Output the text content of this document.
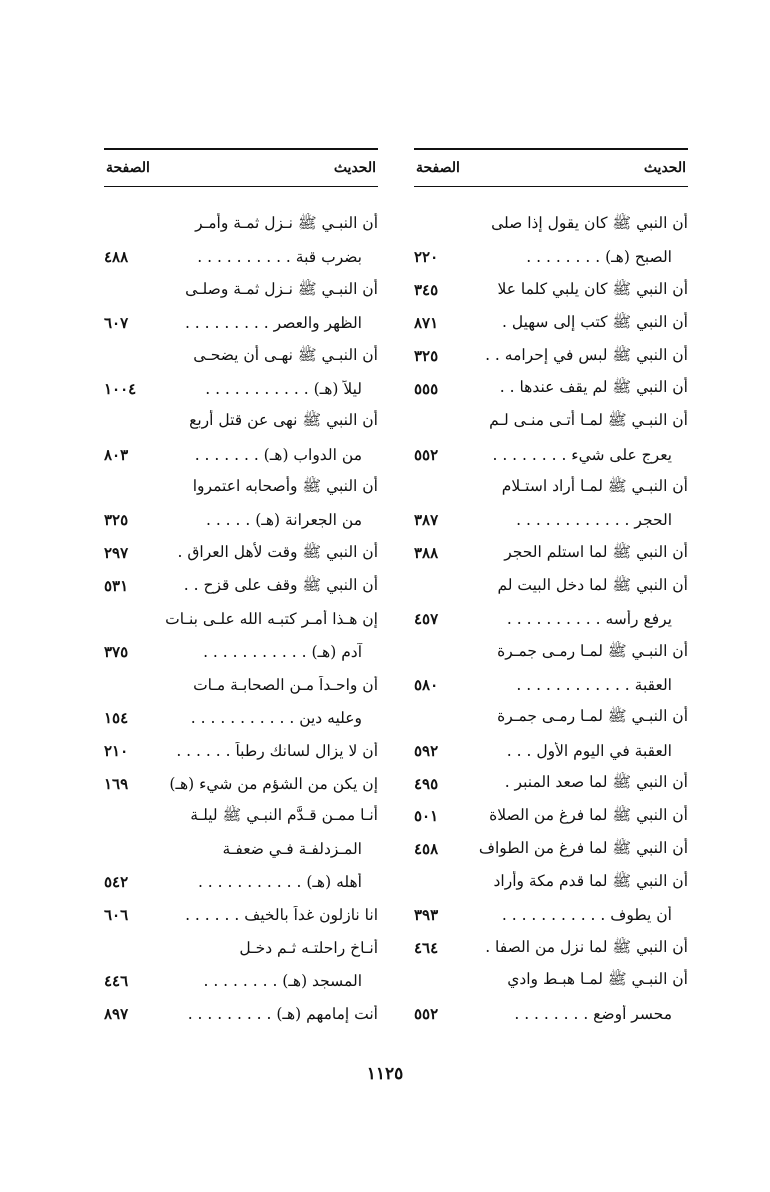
الحديث
الصفحة
أن النبي ﷺ كان يقول إذا صلى
الصبح (هـ) . . . . . . . .
٢٢٠
أن النبي ﷺ كان يلبي كلما علا
٣٤٥
أن النبي ﷺ كتب إلى سهيل .
٨٧١
أن النبي ﷺ لبس في إحرامه . .
٣٢٥
أن النبي ﷺ لم يقف عندها . .
٥٥٥
أن النبـي ﷺ لمـا أتـى منـى لـم
يعرج على شيء . . . . . . . .
٥٥٢
أن النبـي ﷺ لمـا أراد استـلام
الحجر . . . . . . . . . . . .
٣٨٧
أن النبي ﷺ لما استلم الحجر
٣٨٨
أن النبي ﷺ لما دخل البيت لم
يرفع رأسه . . . . . . . . . .
٤٥٧
أن النبـي ﷺ لمـا رمـى جمـرة
العقبة . . . . . . . . . . . .
٥٨٠
أن النبـي ﷺ لمـا رمـى جمـرة
العقبة في اليوم الأول . . .
٥٩٢
أن النبي ﷺ لما صعد المنبر .
٤٩٥
أن النبي ﷺ لما فرغ من الصلاة
٥٠١
أن النبي ﷺ لما فرغ من الطواف
٤٥٨
أن النبي ﷺ لما قدم مكة وأراد
أن يطوف . . . . . . . . . . .
٣٩٣
أن النبي ﷺ لما نزل من الصفا .
٤٦٤
أن النبـي ﷺ لمـا هبـط وادي
محسر أوضع . . . . . . . .
٥٥٢
الحديث
الصفحة
أن النبـي ﷺ نـزل ثمـة وأمـر
بضرب قبة . . . . . . . . . .
٤٨٨
أن النبـي ﷺ نـزل ثمـة وصلـى
الظهر والعصر . . . . . . . . .
٦٠٧
أن النبـي ﷺ نهـى أن يضحـى
ليلاً (هـ) . . . . . . . . . . .
١٠٠٤
أن النبي ﷺ نهى عن قتل أربع
من الدواب (هـ) . . . . . . .
٨٠٣
أن النبي ﷺ وأصحابه اعتمروا
من الجعرانة (هـ) . . . . .
٣٢٥
أن النبي ﷺ وقت لأهل العراق .
٢٩٧
أن النبي ﷺ وقف على قزح . .
٥٣١
إن هـذا أمـر كتبـه الله علـى بنـات
آدم (هـ) . . . . . . . . . . .
٣٧٥
أن واحـداً مـن الصحابـة مـات
وعليه دين . . . . . . . . . . .
١٥٤
أن لا يزال لسانك رطباً . . . . . .
٢١٠
إن يكن من الشؤم من شيء (هـ)
١٦٩
أنـا ممـن قـدَّم النبـي ﷺ ليلـة
المـزدلفـة فـي ضعفـة
أهله (هـ) . . . . . . . . . . .
٥٤٢
انا نازلون غداً بالخيف . . . . . .
٦٠٦
أنـاخ راحلتـه ثـم دخـل
المسجد (هـ) . . . . . . . .
٤٤٦
أنت إمامهم (هـ) . . . . . . . . .
٨٩٧
١١٢٥
